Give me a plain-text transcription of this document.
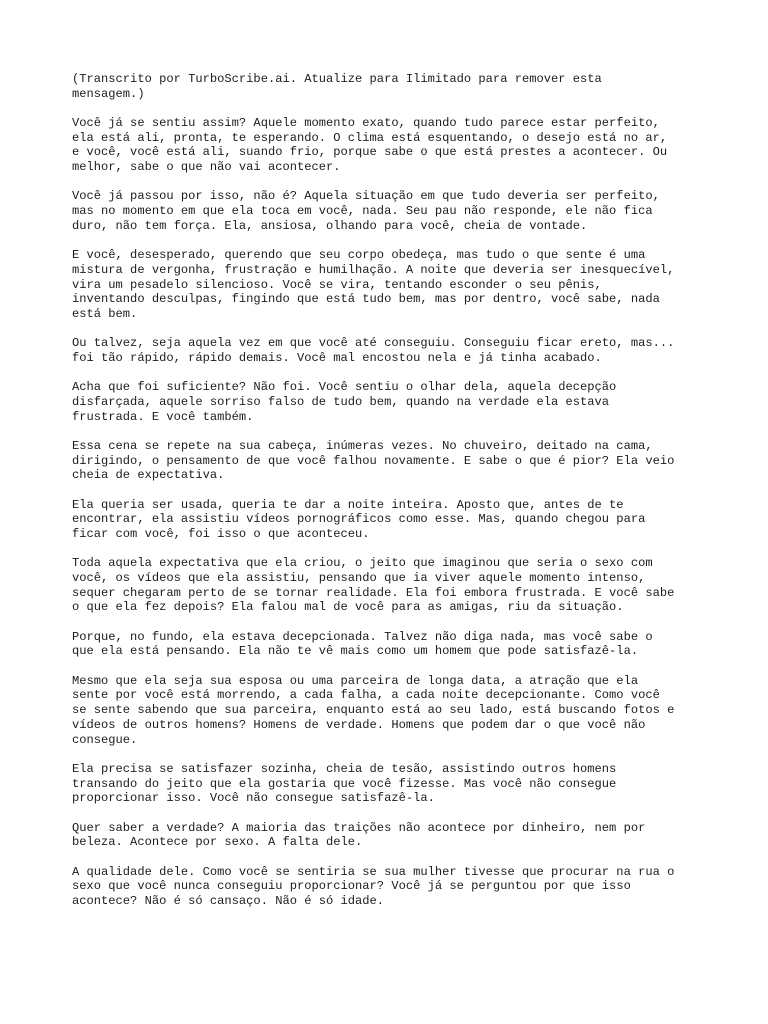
(Transcrito por TurboScribe.ai. Atualize para Ilimitado para remover esta
mensagem.)

Você já se sentiu assim? Aquele momento exato, quando tudo parece estar perfeito,
ela está ali, pronta, te esperando. O clima está esquentando, o desejo está no ar,
e você, você está ali, suando frio, porque sabe o que está prestes a acontecer. Ou
melhor, sabe o que não vai acontecer.

Você já passou por isso, não é? Aquela situação em que tudo deveria ser perfeito,
mas no momento em que ela toca em você, nada. Seu pau não responde, ele não fica
duro, não tem força. Ela, ansiosa, olhando para você, cheia de vontade.

E você, desesperado, querendo que seu corpo obedeça, mas tudo o que sente é uma
mistura de vergonha, frustração e humilhação. A noite que deveria ser inesquecível,
vira um pesadelo silencioso. Você se vira, tentando esconder o seu pênis,
inventando desculpas, fingindo que está tudo bem, mas por dentro, você sabe, nada
está bem.

Ou talvez, seja aquela vez em que você até conseguiu. Conseguiu ficar ereto, mas...
foi tão rápido, rápido demais. Você mal encostou nela e já tinha acabado.

Acha que foi suficiente? Não foi. Você sentiu o olhar dela, aquela decepção
disfarçada, aquele sorriso falso de tudo bem, quando na verdade ela estava
frustrada. E você também.

Essa cena se repete na sua cabeça, inúmeras vezes. No chuveiro, deitado na cama,
dirigindo, o pensamento de que você falhou novamente. E sabe o que é pior? Ela veio
cheia de expectativa.

Ela queria ser usada, queria te dar a noite inteira. Aposto que, antes de te
encontrar, ela assistiu vídeos pornográficos como esse. Mas, quando chegou para
ficar com você, foi isso o que aconteceu.

Toda aquela expectativa que ela criou, o jeito que imaginou que seria o sexo com
você, os vídeos que ela assistiu, pensando que ia viver aquele momento intenso,
sequer chegaram perto de se tornar realidade. Ela foi embora frustrada. E você sabe
o que ela fez depois? Ela falou mal de você para as amigas, riu da situação.

Porque, no fundo, ela estava decepcionada. Talvez não diga nada, mas você sabe o
que ela está pensando. Ela não te vê mais como um homem que pode satisfazê-la.

Mesmo que ela seja sua esposa ou uma parceira de longa data, a atração que ela
sente por você está morrendo, a cada falha, a cada noite decepcionante. Como você
se sente sabendo que sua parceira, enquanto está ao seu lado, está buscando fotos e
vídeos de outros homens? Homens de verdade. Homens que podem dar o que você não
consegue.

Ela precisa se satisfazer sozinha, cheia de tesão, assistindo outros homens
transando do jeito que ela gostaria que você fizesse. Mas você não consegue
proporcionar isso. Você não consegue satisfazê-la.

Quer saber a verdade? A maioria das traições não acontece por dinheiro, nem por
beleza. Acontece por sexo. A falta dele.

A qualidade dele. Como você se sentiria se sua mulher tivesse que procurar na rua o
sexo que você nunca conseguiu proporcionar? Você já se perguntou por que isso
acontece? Não é só cansaço. Não é só idade.
